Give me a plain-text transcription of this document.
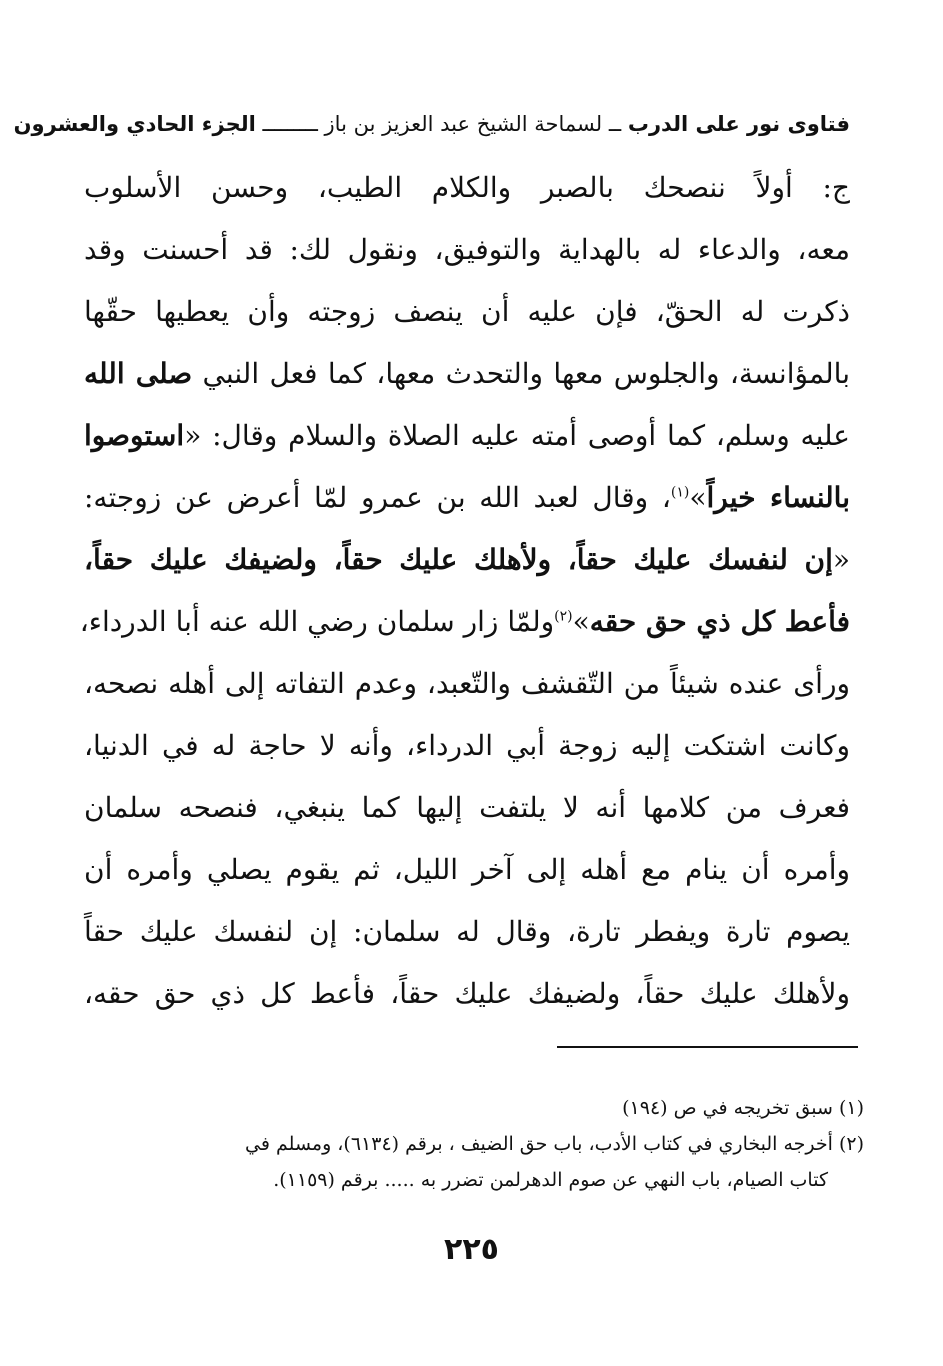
فتاوى نور على الدرب ــ لسماحة الشيخ عبد العزيز بن باز ـــــــــ الجزء الحادي والعشرون
ج: أولاً ننصحك بالصبر والكلام الطيب، وحسن الأسلوب
معه، والدعاء له بالهداية والتوفيق، ونقول لك: قد أحسنت وقد
ذكرت له الحقّ، فإن عليه أن ينصف زوجته وأن يعطيها حقّها
بالمؤانسة، والجلوس معها والتحدث معها، كما فعل النبي صلى الله
عليه وسلم، كما أوصى أمته عليه الصلاة والسلام وقال: «استوصوا
بالنساء خيراً»$^{(١)}$، وقال لعبد الله بن عمرو لمّا أعرض عن زوجته:
«إن لنفسك عليك حقاً، ولأهلك عليك حقاً، ولضيفك عليك حقاً،
فأعط كل ذي حق حقه»$^{(٢)}$ولمّا زار سلمان رضي الله عنه أبا الدرداء،
ورأى عنده شيئاً من التّقشف والتّعبد، وعدم التفاته إلى أهله نصحه،
وكانت اشتكت إليه زوجة أبي الدرداء، وأنه لا حاجة له في الدنيا،
فعرف من كلامها أنه لا يلتفت إليها كما ينبغي، فنصحه سلمان
وأمره أن ينام مع أهله إلى آخر الليل، ثم يقوم يصلي وأمره أن
يصوم تارة ويفطر تارة، وقال له سلمان: إن لنفسك عليك حقاً
ولأهلك عليك حقاً، ولضيفك عليك حقاً، فأعط كل ذي حق حقه،
(١) سبق تخريجه في ص (١٩٤)
(٢) أخرجه البخاري في كتاب الأدب، باب حق الضيف ، برقم (٦١٣٤)، ومسلم في
كتاب الصيام، باب النهي عن صوم الدهرلمن تضرر به ..... برقم (١١٥٩).
٢٢٥
